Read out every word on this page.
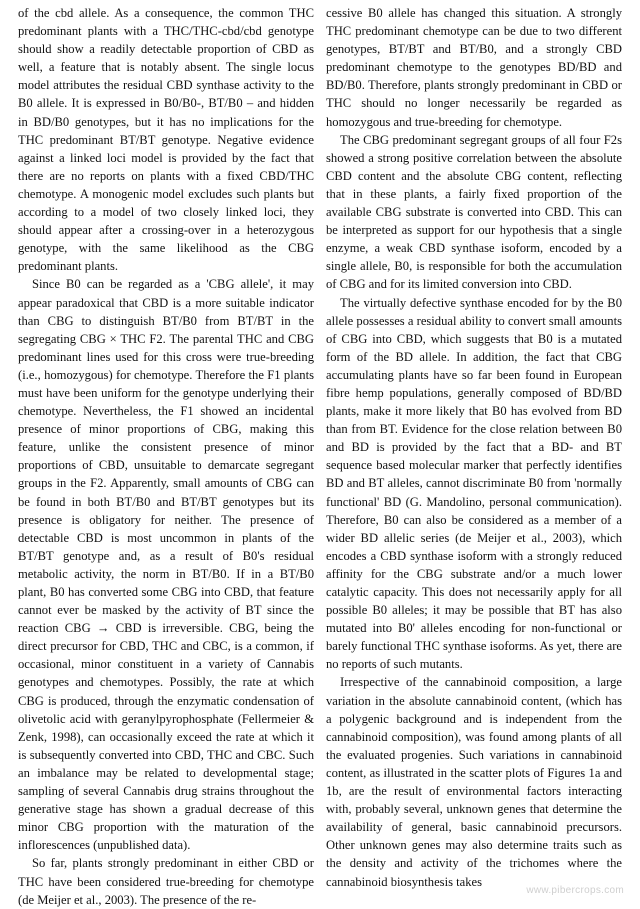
of the cbd allele. As a consequence, the common THC predominant plants with a THC/THC-cbd/cbd genotype should show a readily detectable proportion of CBD as well, a feature that is notably absent. The single locus model attributes the residual CBD synthase activity to the B0 allele. It is expressed in B0/B0-, BT/B0 – and hidden in BD/B0 genotypes, but it has no implications for the THC predominant BT/BT genotype. Negative evidence against a linked loci model is provided by the fact that there are no reports on plants with a fixed CBD/THC chemotype. A monogenic model excludes such plants but according to a model of two closely linked loci, they should appear after a crossing-over in a heterozygous genotype, with the same likelihood as the CBG predominant plants.

Since B0 can be regarded as a 'CBG allele', it may appear paradoxical that CBD is a more suitable indicator than CBG to distinguish BT/B0 from BT/BT in the segregating CBG × THC F2. The parental THC and CBG predominant lines used for this cross were true-breeding (i.e., homozygous) for chemotype. Therefore the F1 plants must have been uniform for the genotype underlying their chemotype. Nevertheless, the F1 showed an incidental presence of minor proportions of CBG, making this feature, unlike the consistent presence of minor proportions of CBD, unsuitable to demarcate segregant groups in the F2. Apparently, small amounts of CBG can be found in both BT/B0 and BT/BT genotypes but its presence is obligatory for neither. The presence of detectable CBD is most uncommon in plants of the BT/BT genotype and, as a result of B0's residual metabolic activity, the norm in BT/B0. If in a BT/B0 plant, B0 has converted some CBG into CBD, that feature cannot ever be masked by the activity of BT since the reaction CBG → CBD is irreversible. CBG, being the direct precursor for CBD, THC and CBC, is a common, if occasional, minor constituent in a variety of Cannabis genotypes and chemotypes. Possibly, the rate at which CBG is produced, through the enzymatic condensation of olivetolic acid with geranylpyrophosphate (Fellermeier & Zenk, 1998), can occasionally exceed the rate at which it is subsequently converted into CBD, THC and CBC. Such an imbalance may be related to developmental stage; sampling of several Cannabis drug strains throughout the generative stage has shown a gradual decrease of this minor CBG proportion with the maturation of the inflorescences (unpublished data).

So far, plants strongly predominant in either CBD or THC have been considered true-breeding for chemotype (de Meijer et al., 2003). The presence of the re-

cessive B0 allele has changed this situation. A strongly THC predominant chemotype can be due to two different genotypes, BT/BT and BT/B0, and a strongly CBD predominant chemotype to the genotypes BD/BD and BD/B0. Therefore, plants strongly predominant in CBD or THC should no longer necessarily be regarded as homozygous and true-breeding for chemotype.

The CBG predominant segregant groups of all four F2s showed a strong positive correlation between the absolute CBD content and the absolute CBG content, reflecting that in these plants, a fairly fixed proportion of the available CBG substrate is converted into CBD. This can be interpreted as support for our hypothesis that a single enzyme, a weak CBD synthase isoform, encoded by a single allele, B0, is responsible for both the accumulation of CBG and for its limited conversion into CBD.

The virtually defective synthase encoded for by the B0 allele possesses a residual ability to convert small amounts of CBG into CBD, which suggests that B0 is a mutated form of the BD allele. In addition, the fact that CBG accumulating plants have so far been found in European fibre hemp populations, generally composed of BD/BD plants, make it more likely that B0 has evolved from BD than from BT. Evidence for the close relation between B0 and BD is provided by the fact that a BD- and BT sequence based molecular marker that perfectly identifies BD and BT alleles, cannot discriminate B0 from 'normally functional' BD (G. Mandolino, personal communication). Therefore, B0 can also be considered as a member of a wider BD allelic series (de Meijer et al., 2003), which encodes a CBD synthase isoform with a strongly reduced affinity for the CBG substrate and/or a much lower catalytic capacity. This does not necessarily apply for all possible B0 alleles; it may be possible that BT has also mutated into B0' alleles encoding for non-functional or barely functional THC synthase isoforms. As yet, there are no reports of such mutants.

Irrespective of the cannabinoid composition, a large variation in the absolute cannabinoid content, (which has a polygenic background and is independent from the cannabinoid composition), was found among plants of all the evaluated progenies. Such variations in cannabinoid content, as illustrated in the scatter plots of Figures 1a and 1b, are the result of environmental factors interacting with, probably several, unknown genes that determine the availability of general, basic cannabinoid precursors. Other unknown genes may also determine traits such as the density and activity of the trichomes where the cannabinoid biosynthesis takes

www.pibercrops.com
